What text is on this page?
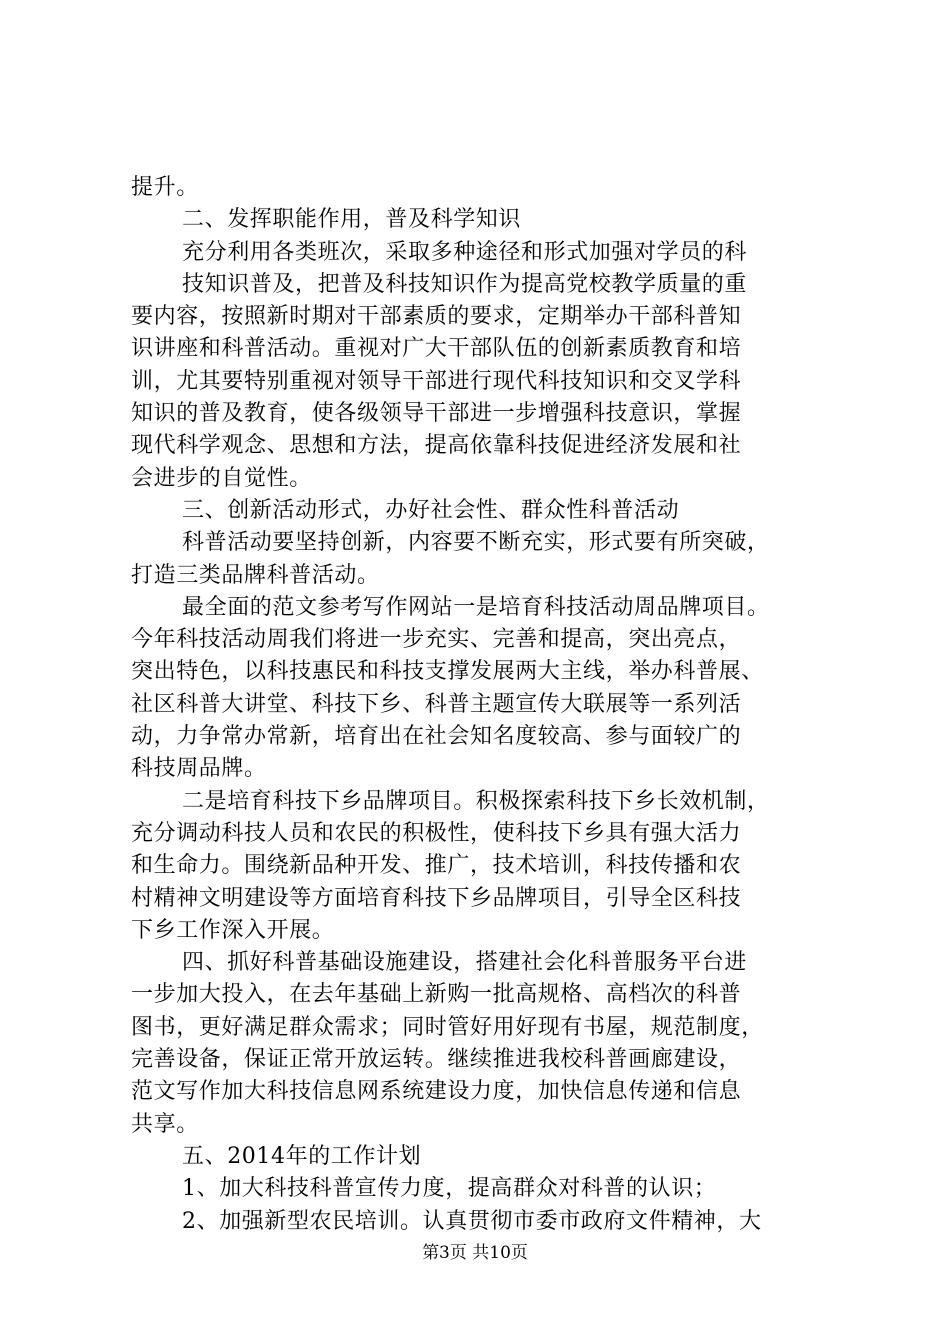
提升。
二、发挥职能作用，普及科学知识
充分利用各类班次，采取多种途径和形式加强对学员的科
技知识普及，把普及科技知识作为提高党校教学质量的重
要内容，按照新时期对干部素质的要求，定期举办干部科普知
识讲座和科普活动。重视对广大干部队伍的创新素质教育和培
训，尤其要特别重视对领导干部进行现代科技知识和交叉学科
知识的普及教育，使各级领导干部进一步增强科技意识，掌握
现代科学观念、思想和方法，提高依靠科技促进经济发展和社
会进步的自觉性。
三、创新活动形式，办好社会性、群众性科普活动
科普活动要坚持创新，内容要不断充实，形式要有所突破，
打造三类品牌科普活动。
最全面的范文参考写作网站一是培育科技活动周品牌项目。
今年科技活动周我们将进一步充实、完善和提高，突出亮点，
突出特色，以科技惠民和科技支撑发展两大主线，举办科普展、
社区科普大讲堂、科技下乡、科普主题宣传大联展等一系列活
动，力争常办常新，培育出在社会知名度较高、参与面较广的
科技周品牌。
二是培育科技下乡品牌项目。积极探索科技下乡长效机制，
充分调动科技人员和农民的积极性，使科技下乡具有强大活力
和生命力。围绕新品种开发、推广，技术培训，科技传播和农
村精神文明建设等方面培育科技下乡品牌项目，引导全区科技
下乡工作深入开展。
四、抓好科普基础设施建设，搭建社会化科普服务平台进
一步加大投入，在去年基础上新购一批高规格、高档次的科普
图书，更好满足群众需求；同时管好用好现有书屋，规范制度，
完善设备，保证正常开放运转。继续推进我校科普画廊建设，
范文写作加大科技信息网系统建设力度，加快信息传递和信息
共享。
五、2014年的工作计划
1、加大科技科普宣传力度，提高群众对科普的认识；
2、加强新型农民培训。认真贯彻市委市政府文件精神，大
第3页 共10页
